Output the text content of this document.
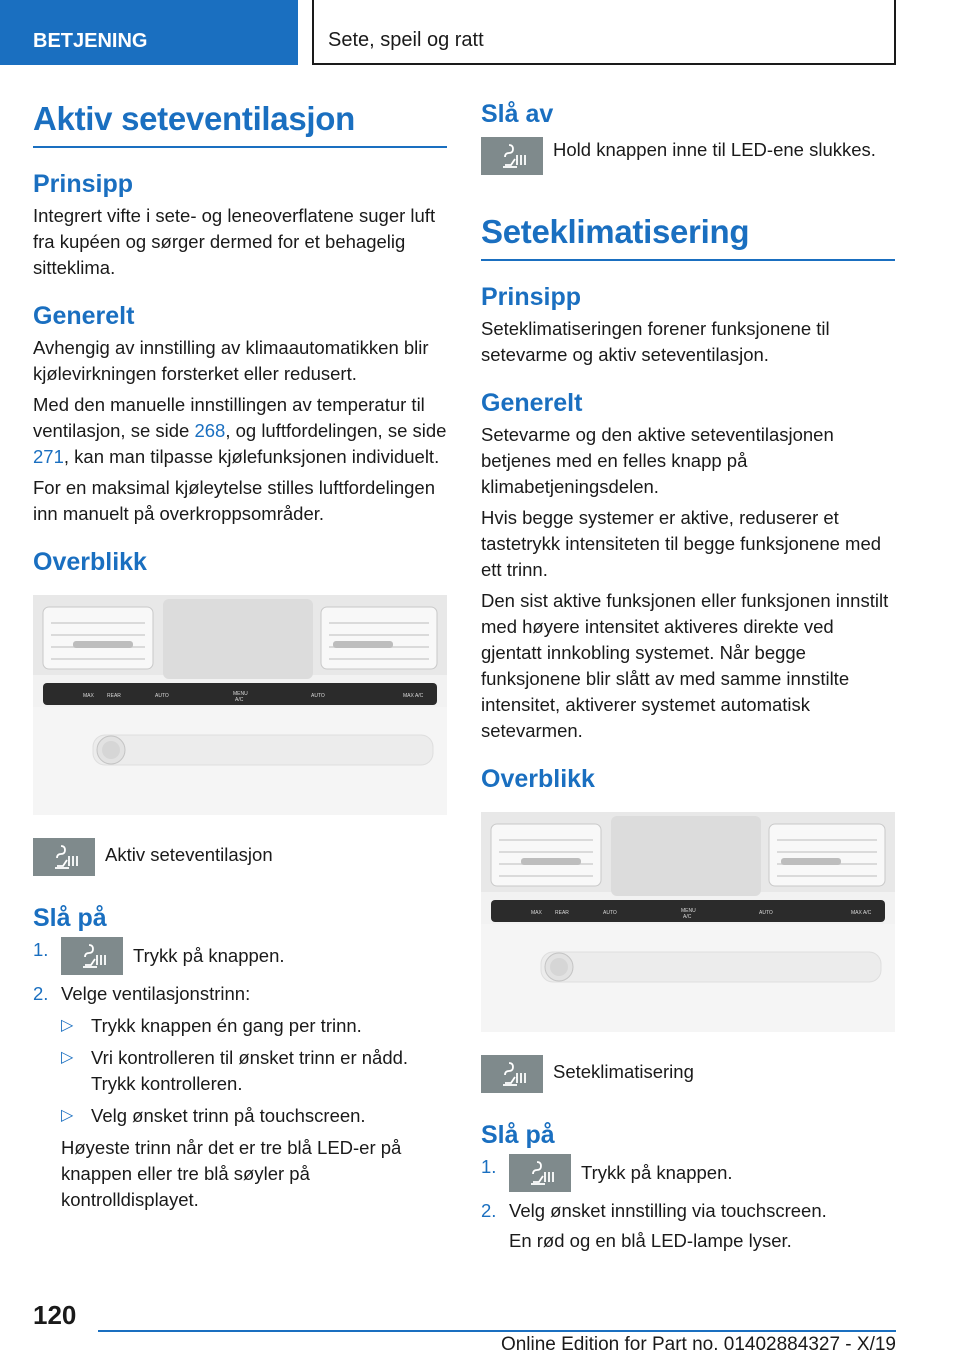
BETJENING	Sete, speil og ratt
Aktiv seteventilasjon
Prinsipp

Integrert vifte i sete- og leneoverflatene suger luft fra kupéen og sørger dermed for et behagelig sitteklima.

Generelt

Avhengig av innstilling av klimaautomatikken blir kjølevirkningen forsterket eller redusert.

Med den manuelle innstillingen av temperatur til ventilasjon, se side 268, og luftfordelingen, se side 271, kan man tilpasse kjølefunksjonen individuelt.

For en maksimal kjøleytelse stilles luftfordelingen inn manuelt på overkroppsområder.

Overblikk
MAX	REAR	AUTO	MENU
A/C
AUTO	MAX A/C
Aktiv seteventilasjon
Slå på
1.	Trykk på knappen.
2. Velge ventilasjonstrinn:
▷ Trykk knappen én gang per trinn.
▷ Vri kontrolleren til ønsket trinn er nådd. Trykk kontrolleren.
▷ Velg ønsket trinn på touchscreen.

Høyeste trinn når det er tre blå LED-er på knappen eller tre blå søyler på kontrolldisplayet.

Slå av
Hold knappen inne til LED-ene slukkes.
Seteklimatisering
Prinsipp

Seteklimatiseringen forener funksjonene til setevarme og aktiv seteventilasjon.

Generelt

Setevarme og den aktive seteventilasjonen betjenes med en felles knapp på klimabetjeningsdelen.

Hvis begge systemer er aktive, reduserer et tastetrykk intensiteten til begge funksjonene med ett trinn.

Den sist aktive funksjonen eller funksjonen innstilt med høyere intensitet aktiveres direkte ved gjentatt innkobling systemet. Når begge funksjonene blir slått av med samme innstilte intensitet, aktiverer systemet automatisk setevarmen.

Overblikk
MAX	REAR	AUTO	MENU
A/C
AUTO	MAX A/C
Seteklimatisering
Slå på
1.	Trykk på knappen.
2. Velg ønsket innstilling via touchscreen.

En rød og en blå LED-lampe lyser.

120
Online Edition for Part no. 01402884327 - X/19
